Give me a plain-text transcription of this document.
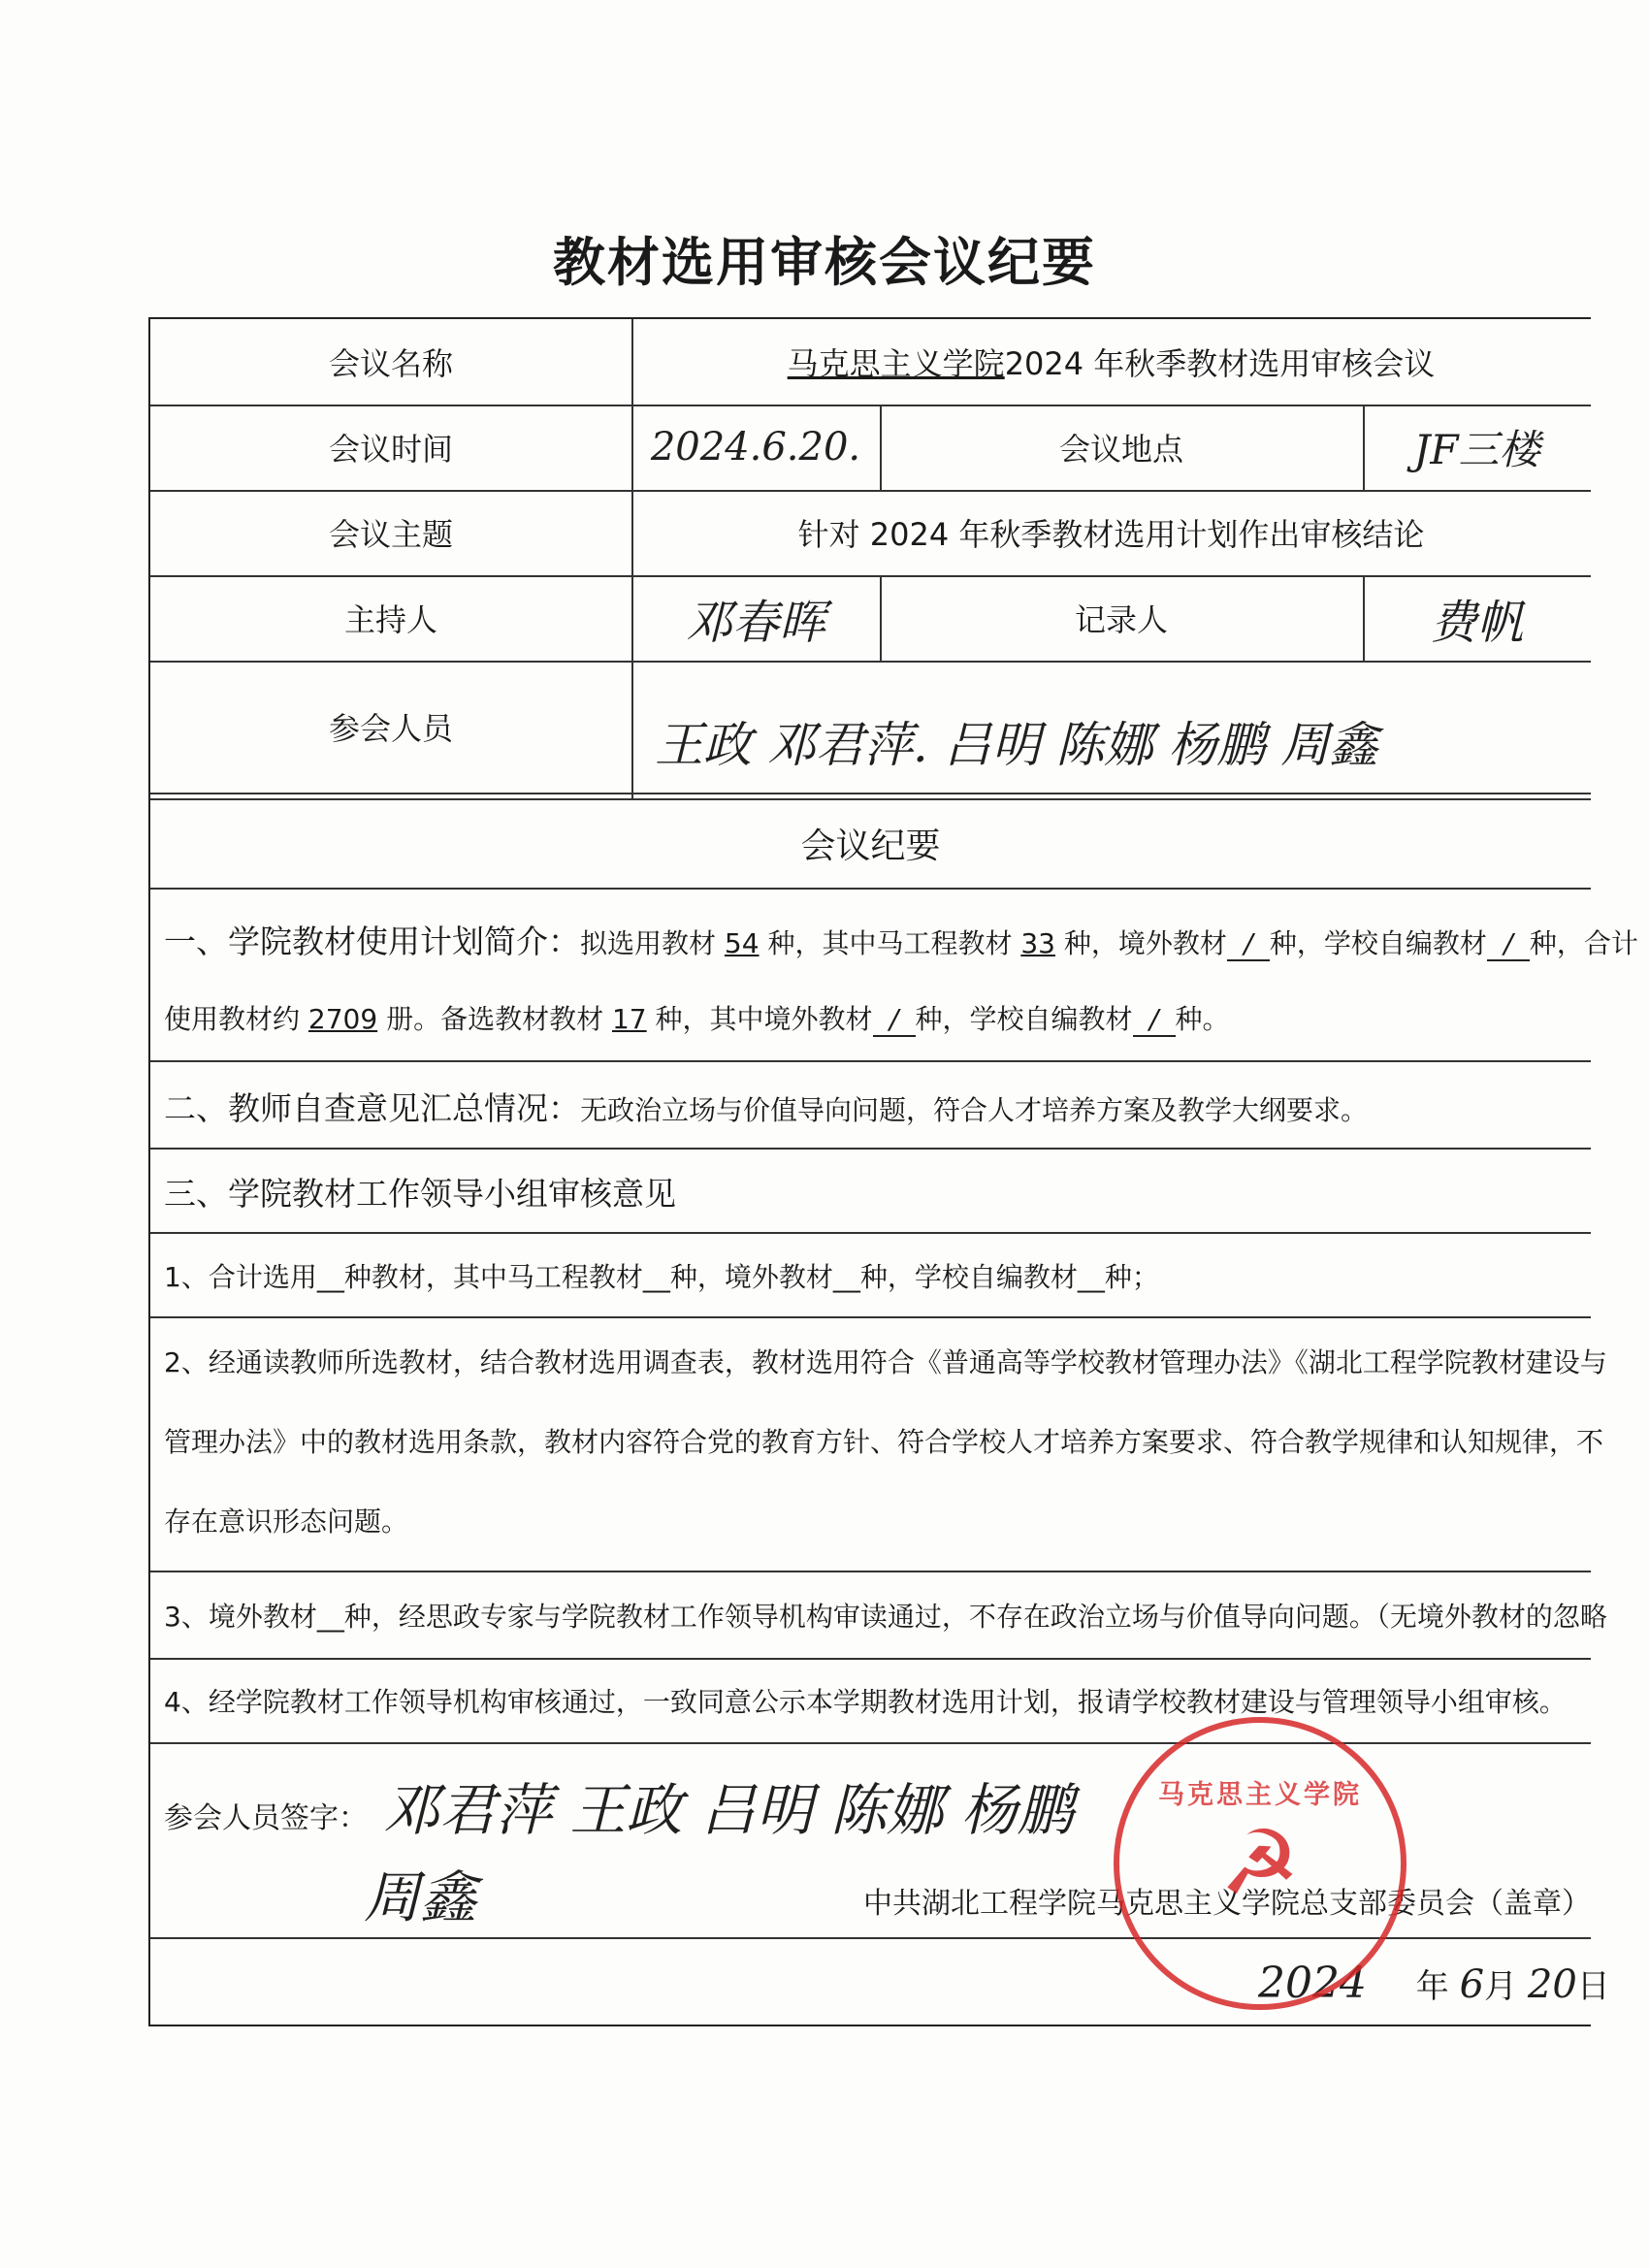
教材选用审核会议纪要
会议名称	马克思主义学院 2024 年秋季教材选用审核会议
会议时间	2024.6.20.	会议地点	JF三楼
会议主题	针对 2024 年秋季教材选用计划作出审核结论
主持人	邓春晖	记录人	费帆
参会人员	王政 邓君萍. 吕明 陈娜 杨鹏 周鑫
会议纪要
一、学院教材使用计划简介：拟选用教材 54 种，其中马工程教材 33 种，境外教材 / 种，学校自编教材 / 种，合计
使用教材约 2709 册。备选教材教材 17 种，其中境外教材 / 种，学校自编教材 / 种。
二、教师自查意见汇总情况：无政治立场与价值导向问题，符合人才培养方案及教学大纲要求。
三、学院教材工作领导小组审核意见
1、合计选用__种教材，其中马工程教材__种，境外教材__种，学校自编教材__种；
2、经通读教师所选教材，结合教材选用调查表，教材选用符合《普通高等学校教材管理办法》《湖北工程学院教材建设与
管理办法》中的教材选用条款，教材内容符合党的教育方针、符合学校人才培养方案要求、符合教学规律和认知规律，不
存在意识形态问题。
3、境外教材__种，经思政专家与学院教材工作领导机构审读通过，不存在政治立场与价值导向问题。（无境外教材的忽略
4、经学院教材工作领导机构审核通过，一致同意公示本学期教材选用计划，报请学校教材建设与管理领导小组审核。
参会人员签字： 邓君萍 王政 吕明 陈娜 杨鹏
周鑫	中共湖北工程学院马克思主义学院总支部委员会（盖章）
2024 年 6月 20日
马克思主义学院
☭
